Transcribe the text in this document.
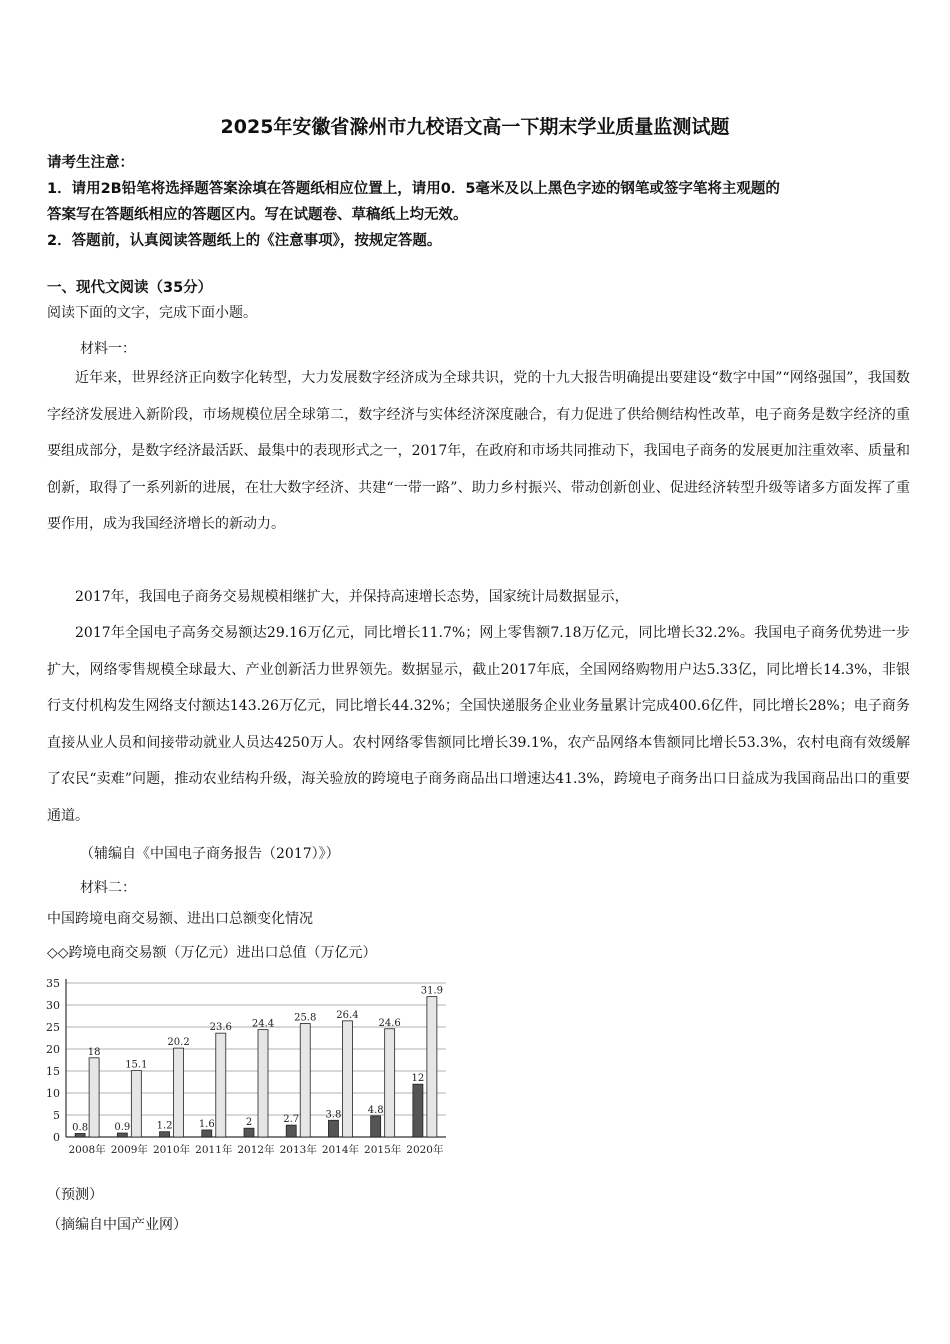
2025年安徽省滁州市九校语文高一下期末学业质量监测试题
请考生注意：
1．请用2B铅笔将选择题答案涂填在答题纸相应位置上，请用0．5毫米及以上黑色字迹的钢笔或签字笔将主观题的
答案写在答题纸相应的答题区内。写在试题卷、草稿纸上均无效。
2．答题前，认真阅读答题纸上的《注意事项》，按规定答题。
一、现代文阅读（35分）
阅读下面的文字，完成下面小题。
材料一：

近年来，世界经济正向数字化转型，大力发展数字经济成为全球共识，党的十九大报告明确提出要建设“数字中国”“网络强国”，我国数字经济发展进入新阶段，市场规模位居全球第二，数字经济与实体经济深度融合，有力促进了供给侧结构性改革，电子商务是数字经济的重要组成部分，是数字经济最活跃、最集中的表现形式之一，2017年，在政府和市场共同推动下，我国电子商务的发展更加注重效率、质量和创新，取得了一系列新的进展，在壮大数字经济、共建“一带一路”、助力乡村振兴、带动创新创业、促进经济转型升级等诸多方面发挥了重要作用，成为我国经济增长的新动力。

2017年，我国电子商务交易规模相继扩大，并保持高速增长态势，国家统计局数据显示，

2017年全国电子高务交易额达29.16万亿元，同比增长11.7%；网上零售额7.18万亿元，同比增长32.2%。我国电子商务优势进一步扩大，网络零售规模全球最大、产业创新活力世界领先。数据显示，截止2017年底，全国网络购物用户达5.33亿，同比增长14.3%，非银行支付机构发生网络支付额达143.26万亿元，同比增长44.32%；全国快递服务企业业务量累计完成400.6亿件，同比增长28%；电子商务直接从业人员和间接带动就业人员达4250万人。农村网络零售额同比增长39.1%，农产品网络本售额同比增长53.3%，农村电商有效缓解了农民“卖难”问题，推动农业结构升级，海关验放的跨境电子商务商品出口增速达41.3%，跨境电子商务出口日益成为我国商品出口的重要通道。

（辅编自《中国电子商务报告（2017）》）
材料二：
中国跨境电商交易额、进出口总额变化情况
◇◇跨境电商交易额（万亿元）进出口总值（万亿元）
0
5
10
15
20
25
30
35
0.8
18
2008年
0.9
15.1
2009年
1.2
20.2
2010年
1.6
23.6
2011年
2
24.4
2012年
2.7
25.8
2013年
3.8
26.4
2014年
4.8
24.6
2015年
12
31.9
2020年
（预测）
（摘编自中国产业网）
